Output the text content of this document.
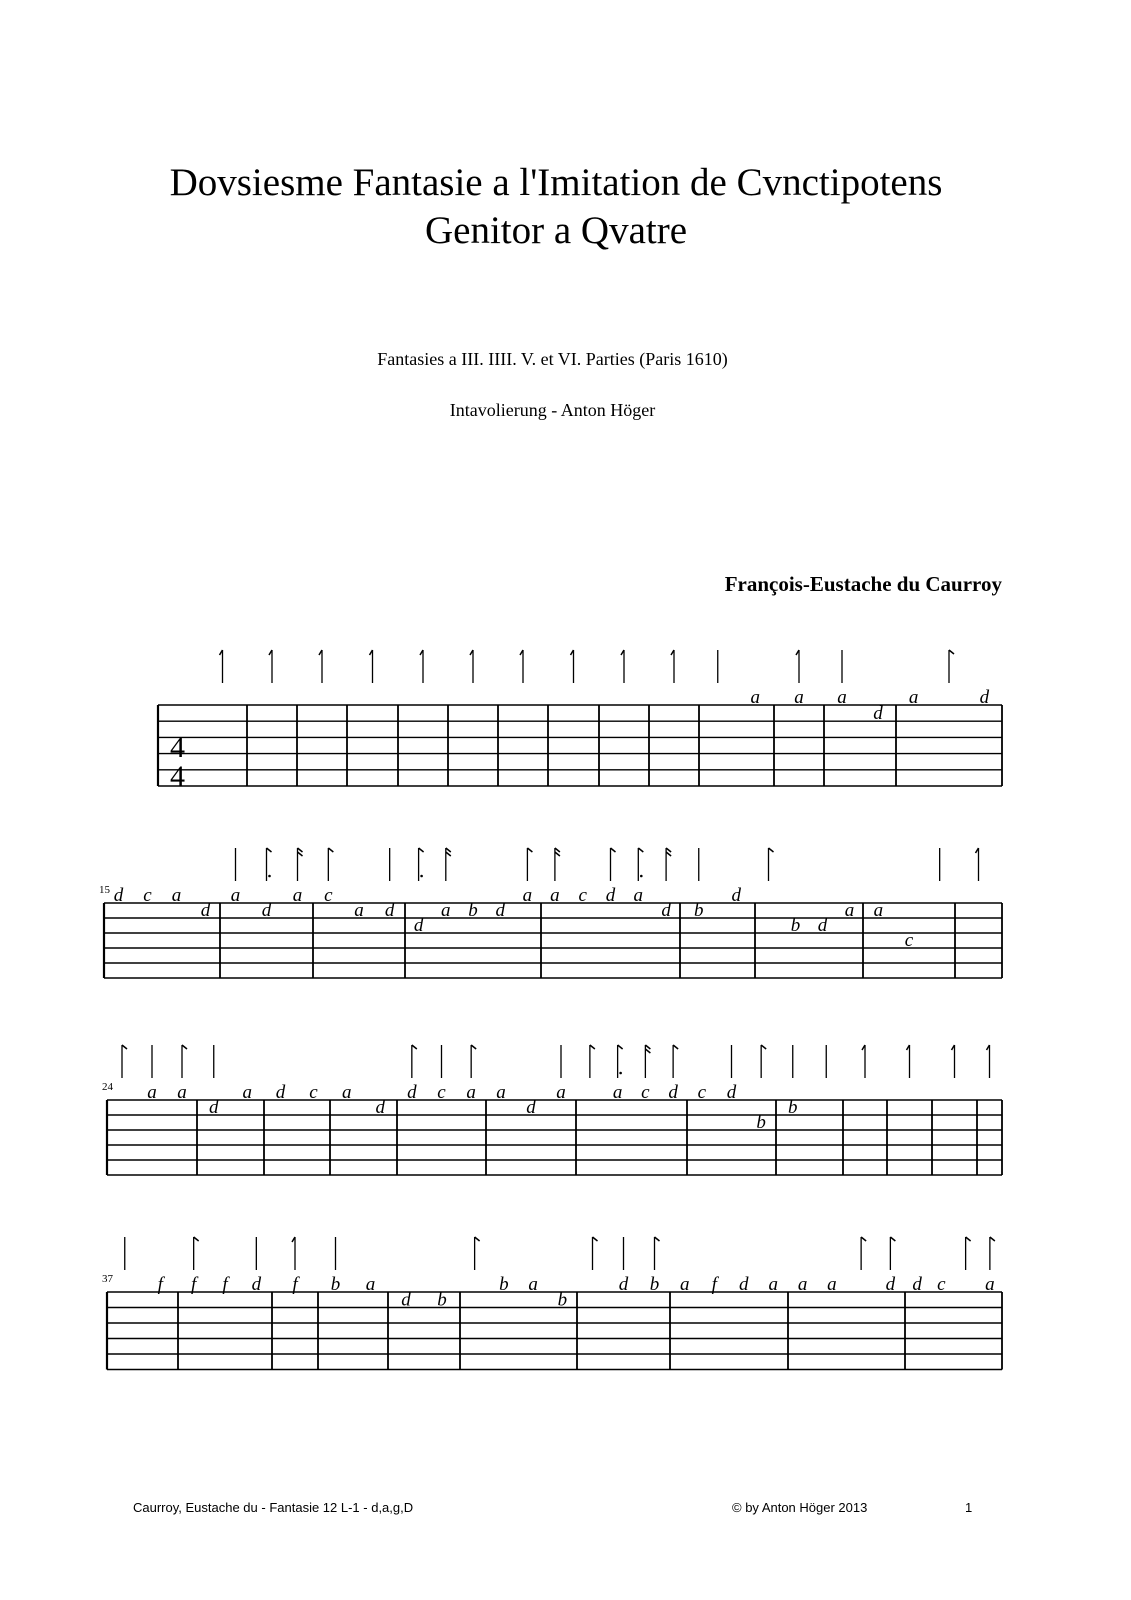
Dovsiesme Fantasie a l'Imitation de Cvnctipotens
Genitor a Qvatre
Fantasies a III. IIII. V. et VI. Parties (Paris 1610)
Intavolierung - Anton Höger
François-Eustache du Caurroy
4
4
a a a
d
a	d
15 d c a
d
a
d
a c
a d
d
a b d
a a c d a
d b
d
b d
a a
c
24 a a
d
a d c a
d
d c a a
d
a a c d c d
b
b
37 f f f d f b a
d b
b a
b
d b a f d a a a	d d c a
Caurroy, Eustache du - Fantasie 12 L-1 - d,a,g,D	© by Anton Höger 2013	1
